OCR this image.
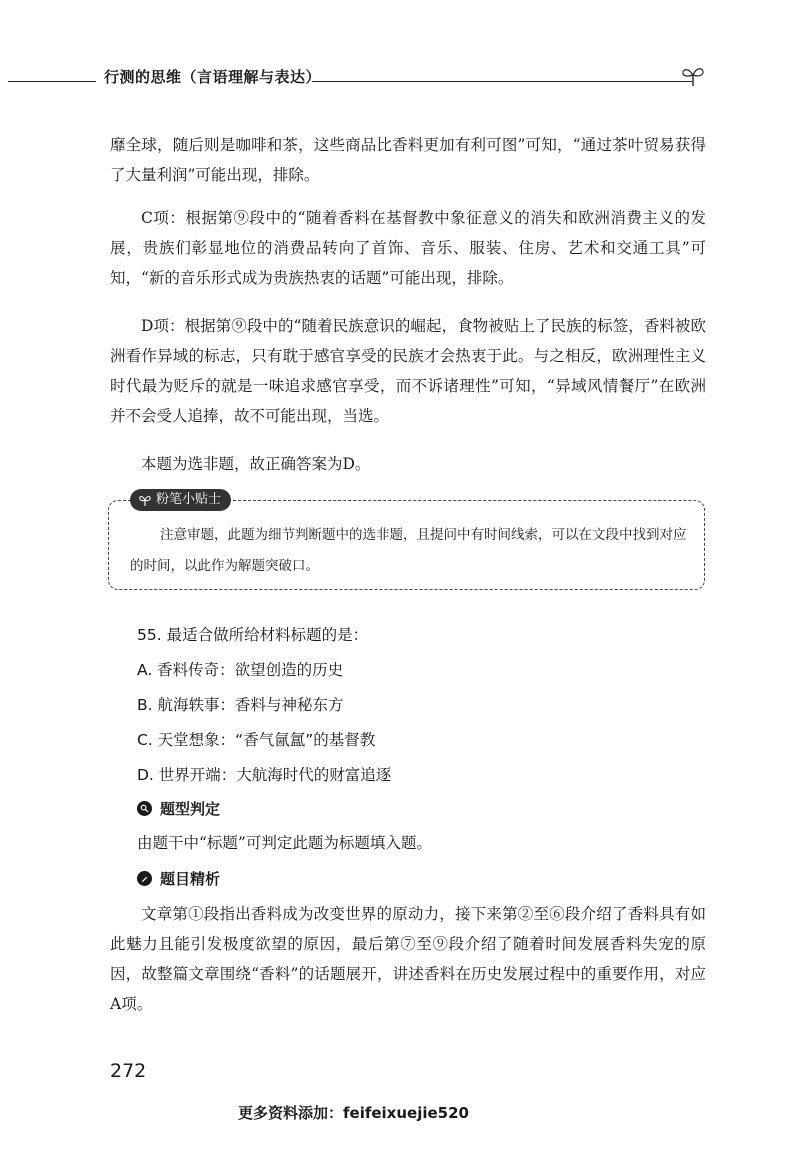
行测的思维（言语理解与表达）

靡全球，随后则是咖啡和茶，这些商品比香料更加有利可图”可知，“通过茶叶贸易获得了大量利润”可能出现，排除。

C项：根据第⑨段中的“随着香料在基督教中象征意义的消失和欧洲消费主义的发展，贵族们彰显地位的消费品转向了首饰、音乐、服装、住房、艺术和交通工具”可知，“新的音乐形式成为贵族热衷的话题”可能出现，排除。

D项：根据第⑨段中的“随着民族意识的崛起，食物被贴上了民族的标签，香料被欧洲看作异域的标志，只有耽于感官享受的民族才会热衷于此。与之相反，欧洲理性主义时代最为贬斥的就是一味追求感官享受，而不诉诸理性”可知，“异域风情餐厅”在欧洲并不会受人追捧，故不可能出现，当选。

本题为选非题，故正确答案为D。

粉笔小贴士

注意审题，此题为细节判断题中的选非题，且提问中有时间线索，可以在文段中找到对应的时间，以此作为解题突破口。

55. 最适合做所给材料标题的是：

A. 香料传奇：欲望创造的历史

B. 航海轶事：香料与神秘东方

C. 天堂想象：“香气氤氲”的基督教

D. 世界开端：大航海时代的财富追逐

题型判定

由题干中“标题”可判定此题为标题填入题。

题目精析

文章第①段指出香料成为改变世界的原动力，接下来第②至⑥段介绍了香料具有如此魅力且能引发极度欲望的原因，最后第⑦至⑨段介绍了随着时间发展香料失宠的原因，故整篇文章围绕“香料”的话题展开，讲述香料在历史发展过程中的重要作用，对应A项。

272
更多资料添加：feifeixuejie520
